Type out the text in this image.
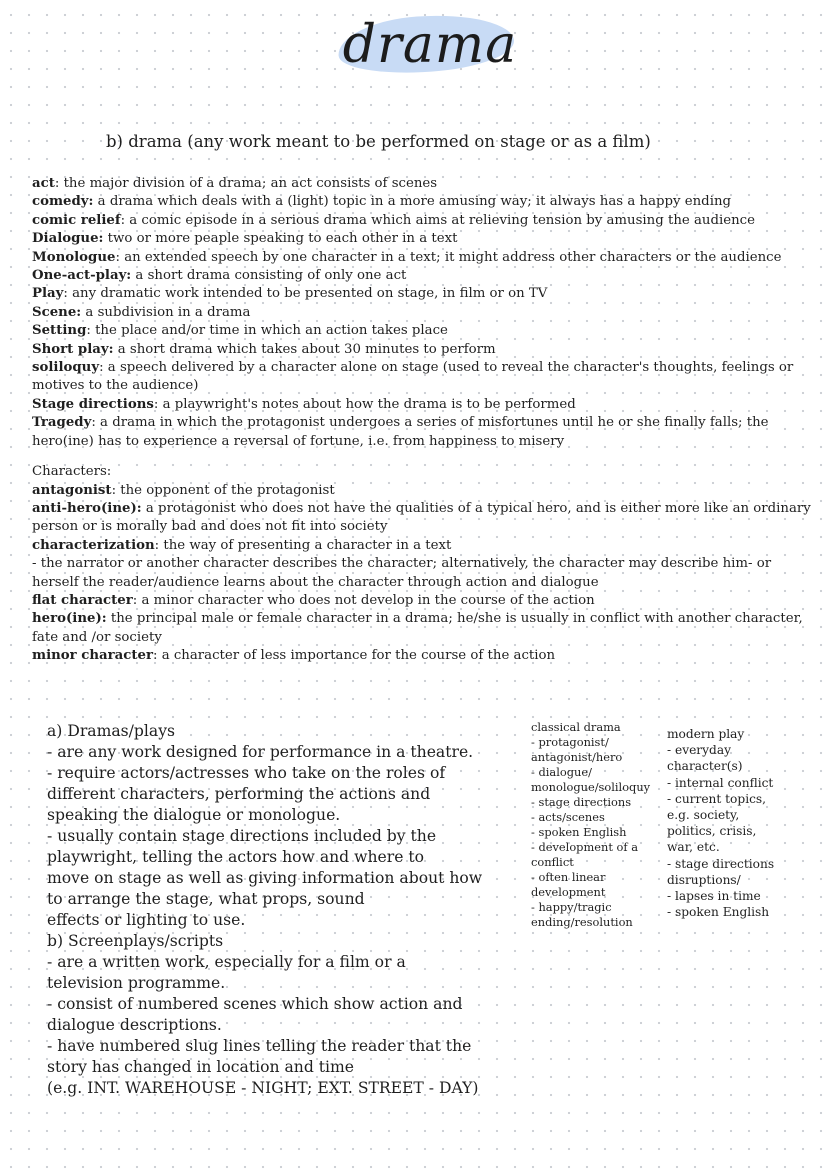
drama
b) drama (any work meant to be performed on stage or as a film)

act: the major division of a drama; an act consists of scenes

comedy: a drama which deals with a (light) topic in a more amusing way; it always has a happy ending

comic relief: a comic episode in a serious drama which aims at relieving tension by amusing the audience

Dialogue: two or more peaple speaking to each other in a text

Monologue: an extended speech by one character in a text; it might address other characters or the audience

One-act-play: a short drama consisting of only one act

Play: any dramatic work intended to be presented on stage, in film or on TV

Scene: a subdivision in a drama

Setting: the place and/or time in which an action takes place

Short play: a short drama which takes about 30 minutes to perform

soliloquy: a speech delivered by a character alone on stage (used to reveal the character's thoughts, feelings or motives to the audience)

Stage directions: a playwright's notes about how the drama is to be performed

Tragedy: a drama in which the protagonist undergoes a series of misfortunes until he or she finally falls; the hero(ine) has to experience a reversal of fortune, i.e. from happiness to misery

Characters:

antagonist: the opponent of the protagonist

anti-hero(ine): a protagonist who does not have the qualities of a typical hero, and is either more like an ordinary person or is morally bad and does not fit into society

characterization: the way of presenting a character in a text

- the narrator or another character describes the character; alternatively, the character may describe him- or herself the reader/audience learns about the character through action and dialogue

flat character: a minor character who does not develop in the course of the action

hero(ine): the principal male or female character in a drama; he/she is usually in conflict with another character, fate and /or society

minor character: a character of less importance for the course of the action

a) Dramas/plays

- are any work designed for performance in a theatre.

- require actors/actresses who take on the roles of

different characters, performing the actions and

speaking the dialogue or monologue.

- usually contain stage directions included by the

playwright, telling the actors how and where to

move on stage as well as giving information about how

to arrange the stage, what props, sound

effects or lighting to use.

b) Screenplays/scripts

- are a written work, especially for a film or a

television programme.

- consist of numbered scenes which show action and

dialogue descriptions.

- have numbered slug lines telling the reader that the

story has changed in location and time

(e.g. INT. WAREHOUSE - NIGHT; EXT. STREET - DAY)

classical drama

- protagonist/

antagonist/hero

- dialogue/

monologue/soliloquy

- stage directions

- acts/scenes

- spoken English

- development of a

conflict

- often linear

development

- happy/tragic

ending/resolution

modern play

- everyday

character(s)

- internal conflict

- current topics,

e.g. society,

politics, crisis,

war, etc.

- stage directions

disruptions/

- lapses in time

- spoken English
